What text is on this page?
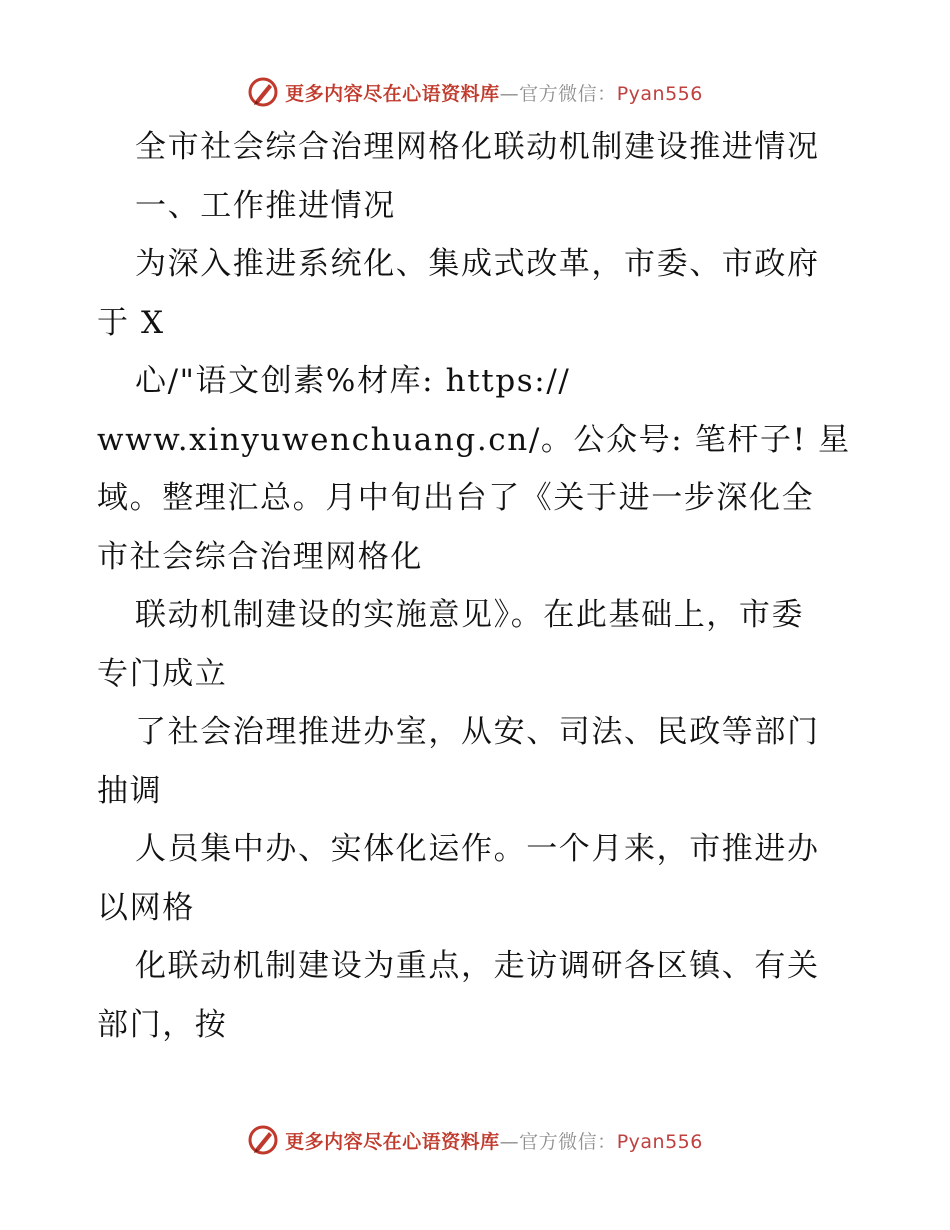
更多内容尽在心语资料库—官方微信：Pyan556
全市社会综合治理网格化联动机制建设推进情况
一、工作推进情况
为深入推进系统化、集成式改革，市委、市政府
于 X
心/"语文创素%材库: https://
www.xinyuwenchuang.cn/。公众号: 笔杆子! 星
域。整理汇总。月中旬出台了《关于进一步深化全
市社会综合治理网格化
联动机制建设的实施意见》。在此基础上，市委
专门成立
了社会治理推进办室，从安、司法、民政等部门
抽调
人员集中办、实体化运作。一个月来，市推进办
以网格
化联动机制建设为重点，走访调研各区镇、有关
部门，按
更多内容尽在心语资料库—官方微信：Pyan556
